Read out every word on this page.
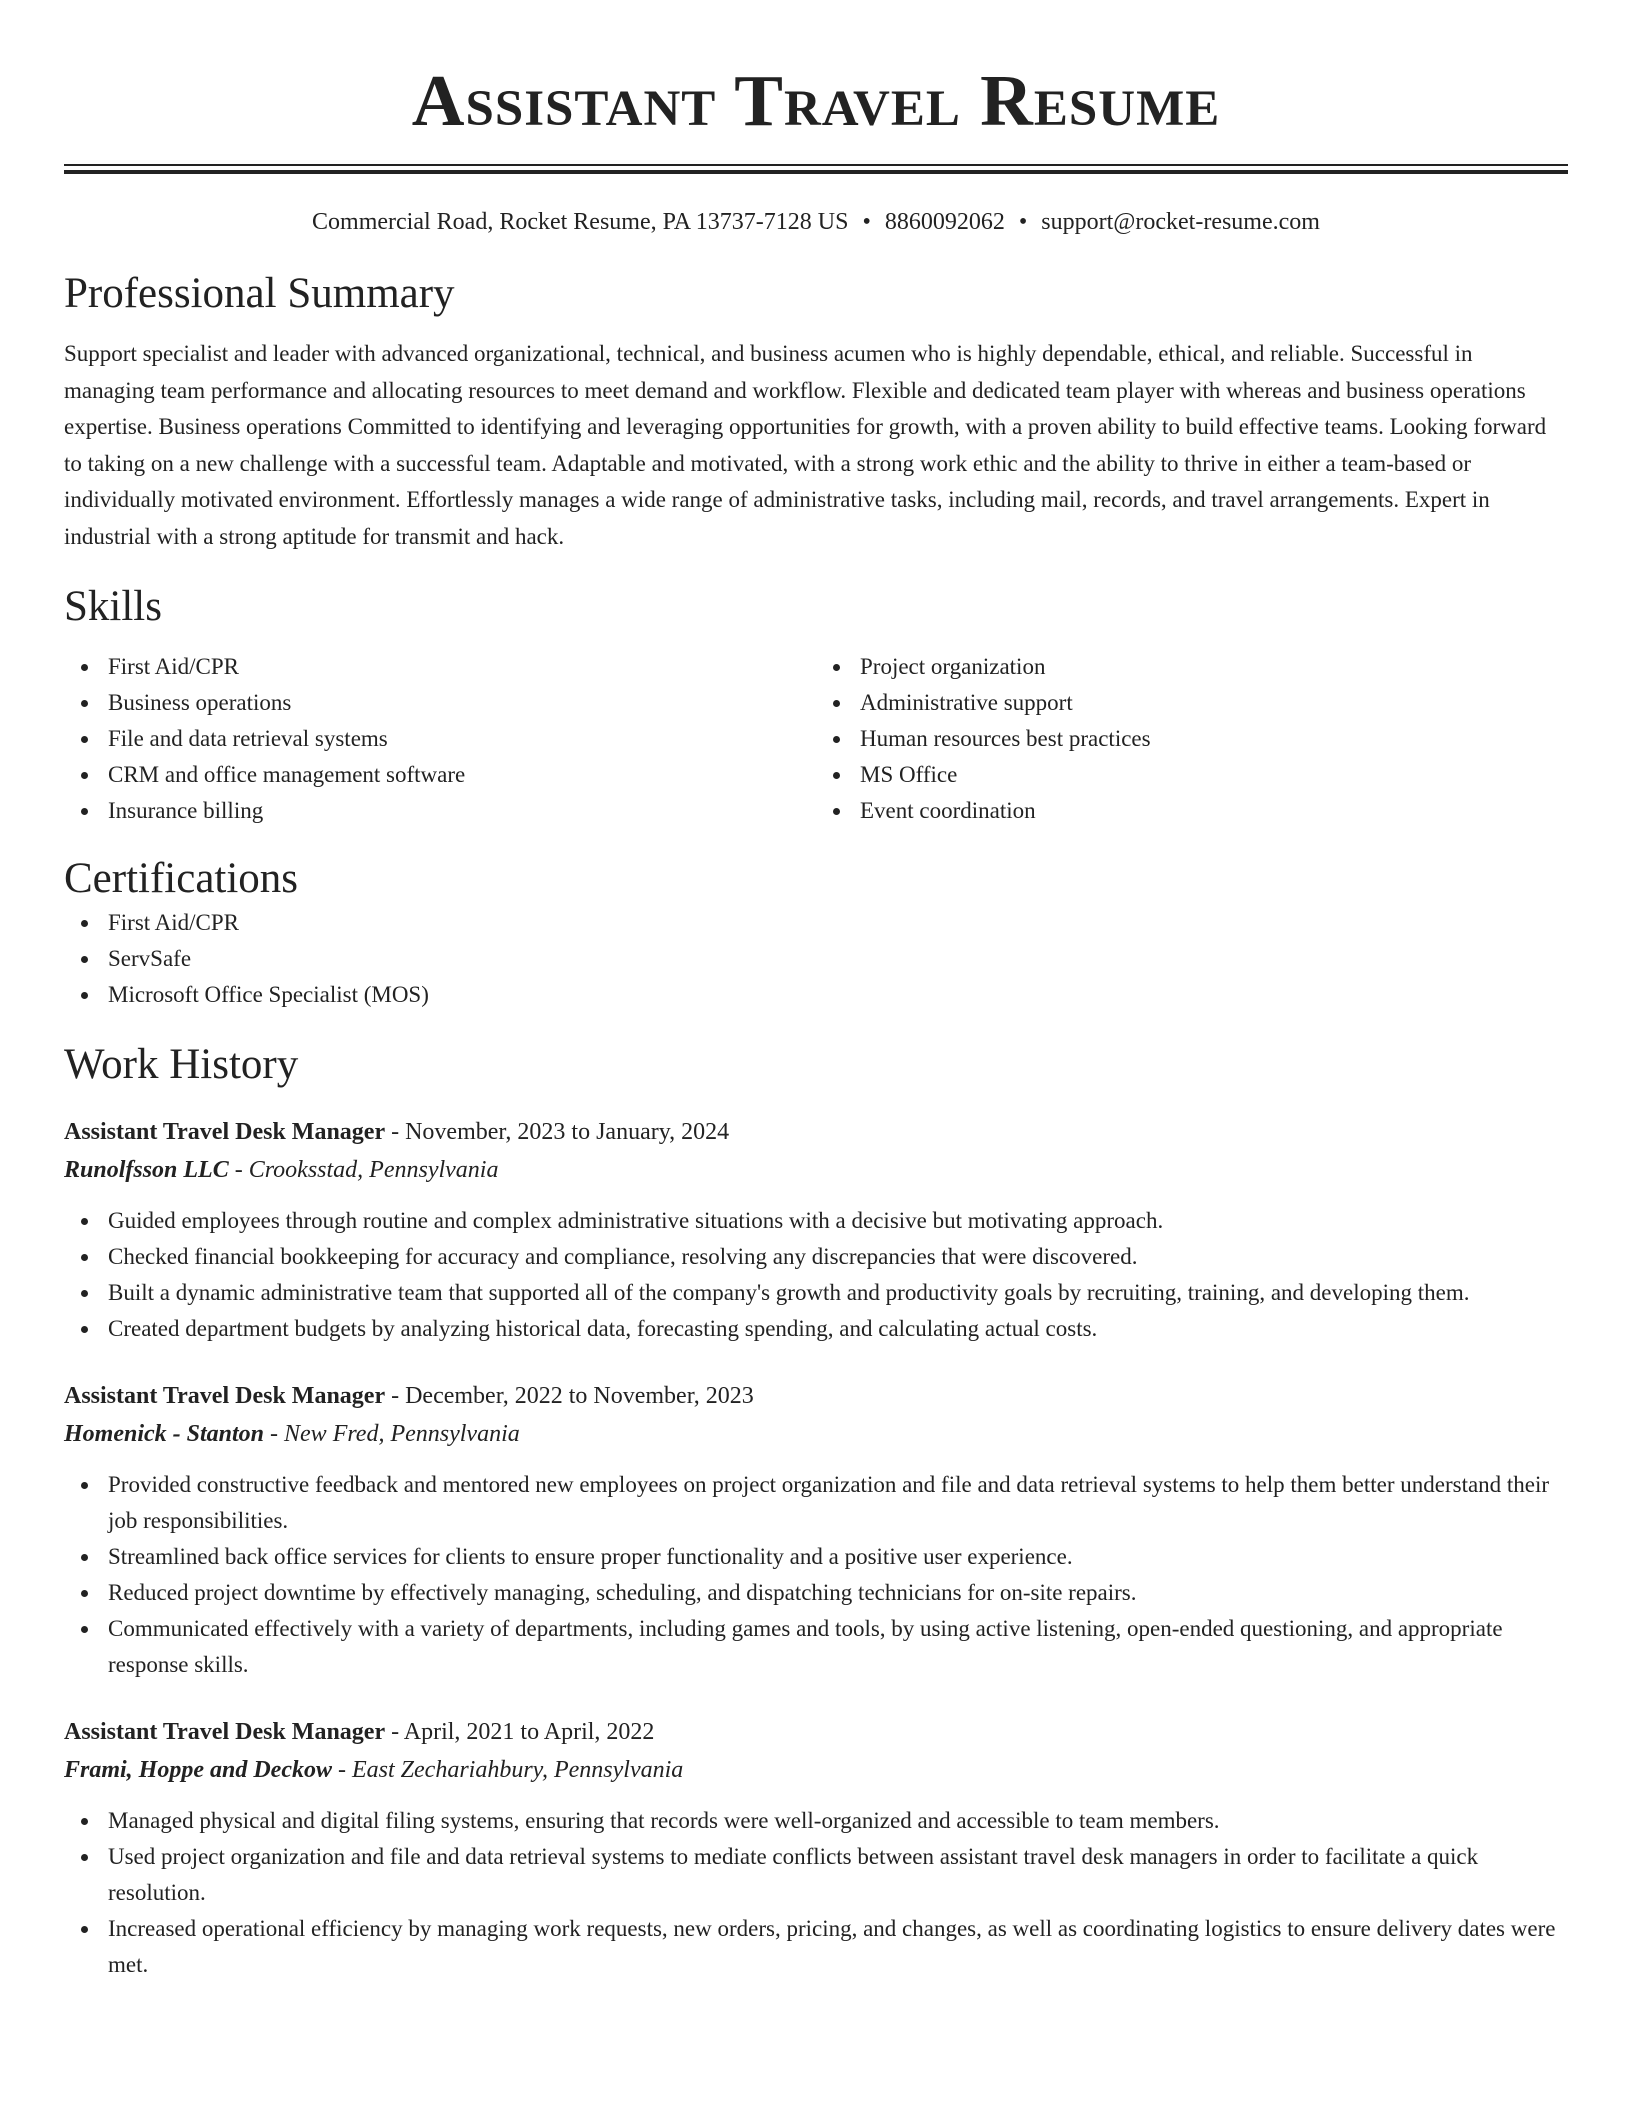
Assistant Travel Resume
Commercial Road, Rocket Resume, PA 13737-7128 US • 8860092062 • support@rocket-resume.com
Professional Summary

Support specialist and leader with advanced organizational, technical, and business acumen who is highly dependable, ethical, and reliable. Successful in managing team performance and allocating resources to meet demand and workflow. Flexible and dedicated team player with whereas and business operations expertise. Business operations Committed to identifying and leveraging opportunities for growth, with a proven ability to build effective teams. Looking forward to taking on a new challenge with a successful team. Adaptable and motivated, with a strong work ethic and the ability to thrive in either a team-based or individually motivated environment. Effortlessly manages a wide range of administrative tasks, including mail, records, and travel arrangements. Expert in industrial with a strong aptitude for transmit and hack.

Skills
First Aid/CPR
Business operations
File and data retrieval systems
CRM and office management software
Insurance billing
Project organization
Administrative support
Human resources best practices
MS Office
Event coordination
Certifications
First Aid/CPR
ServSafe
Microsoft Office Specialist (MOS)
Work History
Assistant Travel Desk Manager - November, 2023 to January, 2024
Runolfsson LLC - Crooksstad, Pennsylvania
Guided employees through routine and complex administrative situations with a decisive but motivating approach.
Checked financial bookkeeping for accuracy and compliance, resolving any discrepancies that were discovered.
Built a dynamic administrative team that supported all of the company's growth and productivity goals by recruiting, training, and developing them.
Created department budgets by analyzing historical data, forecasting spending, and calculating actual costs.
Assistant Travel Desk Manager - December, 2022 to November, 2023
Homenick - Stanton - New Fred, Pennsylvania
Provided constructive feedback and mentored new employees on project organization and file and data retrieval systems to help them better understand their job responsibilities.
Streamlined back office services for clients to ensure proper functionality and a positive user experience.
Reduced project downtime by effectively managing, scheduling, and dispatching technicians for on-site repairs.
Communicated effectively with a variety of departments, including games and tools, by using active listening, open-ended questioning, and appropriate response skills.
Assistant Travel Desk Manager - April, 2021 to April, 2022
Frami, Hoppe and Deckow - East Zechariahbury, Pennsylvania
Managed physical and digital filing systems, ensuring that records were well-organized and accessible to team members.
Used project organization and file and data retrieval systems to mediate conflicts between assistant travel desk managers in order to facilitate a quick resolution.
Increased operational efficiency by managing work requests, new orders, pricing, and changes, as well as coordinating logistics to ensure delivery dates were met.
